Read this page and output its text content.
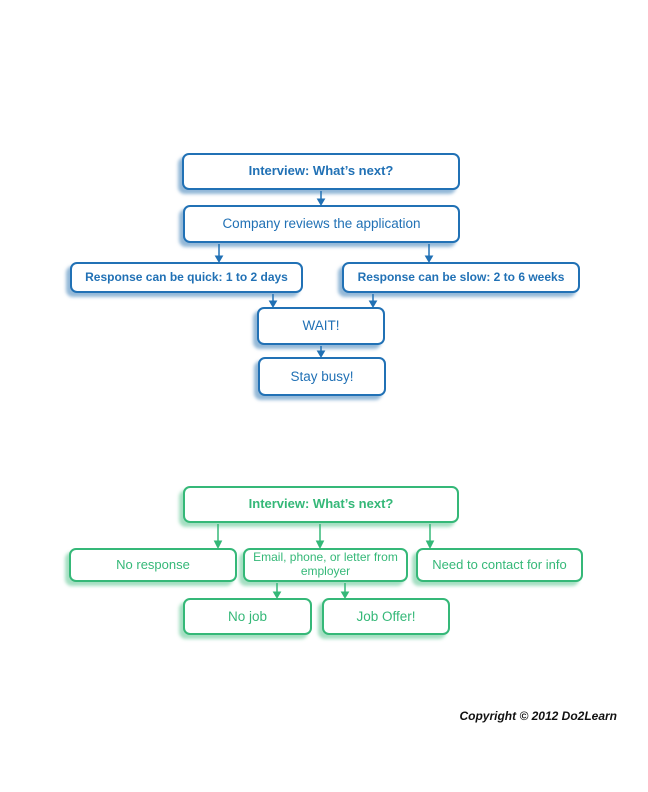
Interview: What’s next?
Company reviews the application
Response can be quick: 1 to 2 days	Response can be slow: 2 to 6 weeks
WAIT!
Stay busy!
Interview: What’s next?
No response	Email, phone, or letter from employer	Need to contact for info
No job	Job Offer!
Copyright © 2012 Do2Learn
